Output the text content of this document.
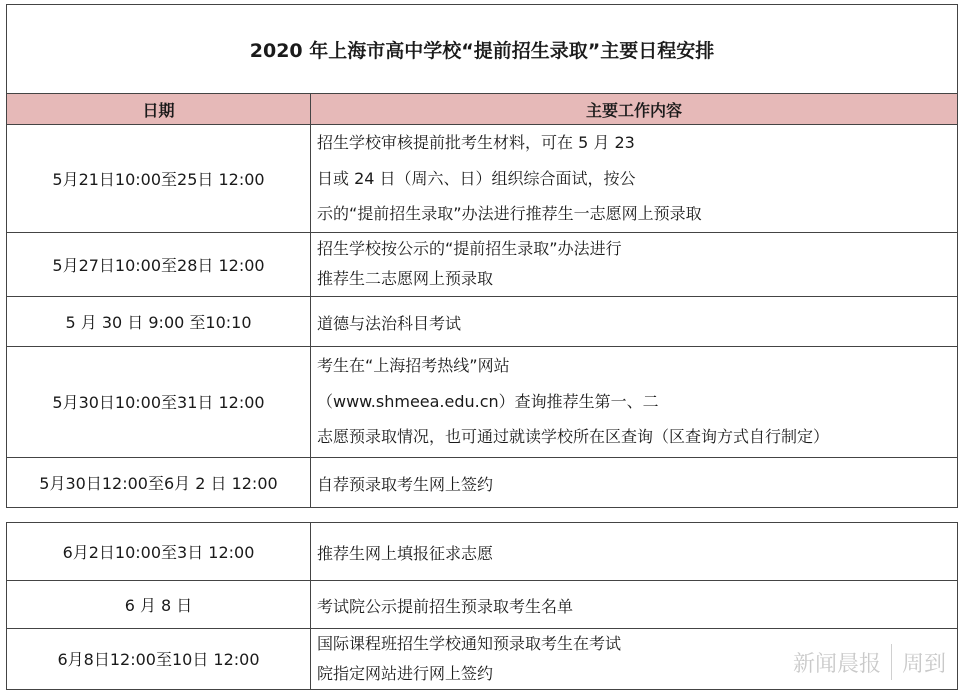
2020 年上海市高中学校“提前招生录取”主要日程安排	
日期	主要工作内容
5月21日10:00至25日 12:00	招生学校审核提前批考生材料，可在 5 月 23
日或 24 日（周六、日）组织综合面试，按公
示的“提前招生录取”办法进行推荐生一志愿网上预录取

5月27日10:00至28日 12:00	招生学校按公示的“提前招生录取”办法进行
推荐生二志愿网上预录取

5 月 30 日 9:00 至10:10	道德与法治科目考试

5月30日10:00至31日 12:00	考生在“上海招考热线”网站
（www.shmeea.edu.cn）查询推荐生第一、二
志愿预录取情况，也可通过就读学校所在区查询（区查询方式自行制定）

5月30日12:00至6月 2 日 12:00	自荐预录取考生网上签约
6月2日10:00至3日 12:00	推荐生网上填报征求志愿

6 月 8 日	考试院公示提前招生预录取考生名单

6月8日12:00至10日 12:00	国际课程班招生学校通知预录取考生在考试
院指定网站进行网上签约	新闻晨报 周到
